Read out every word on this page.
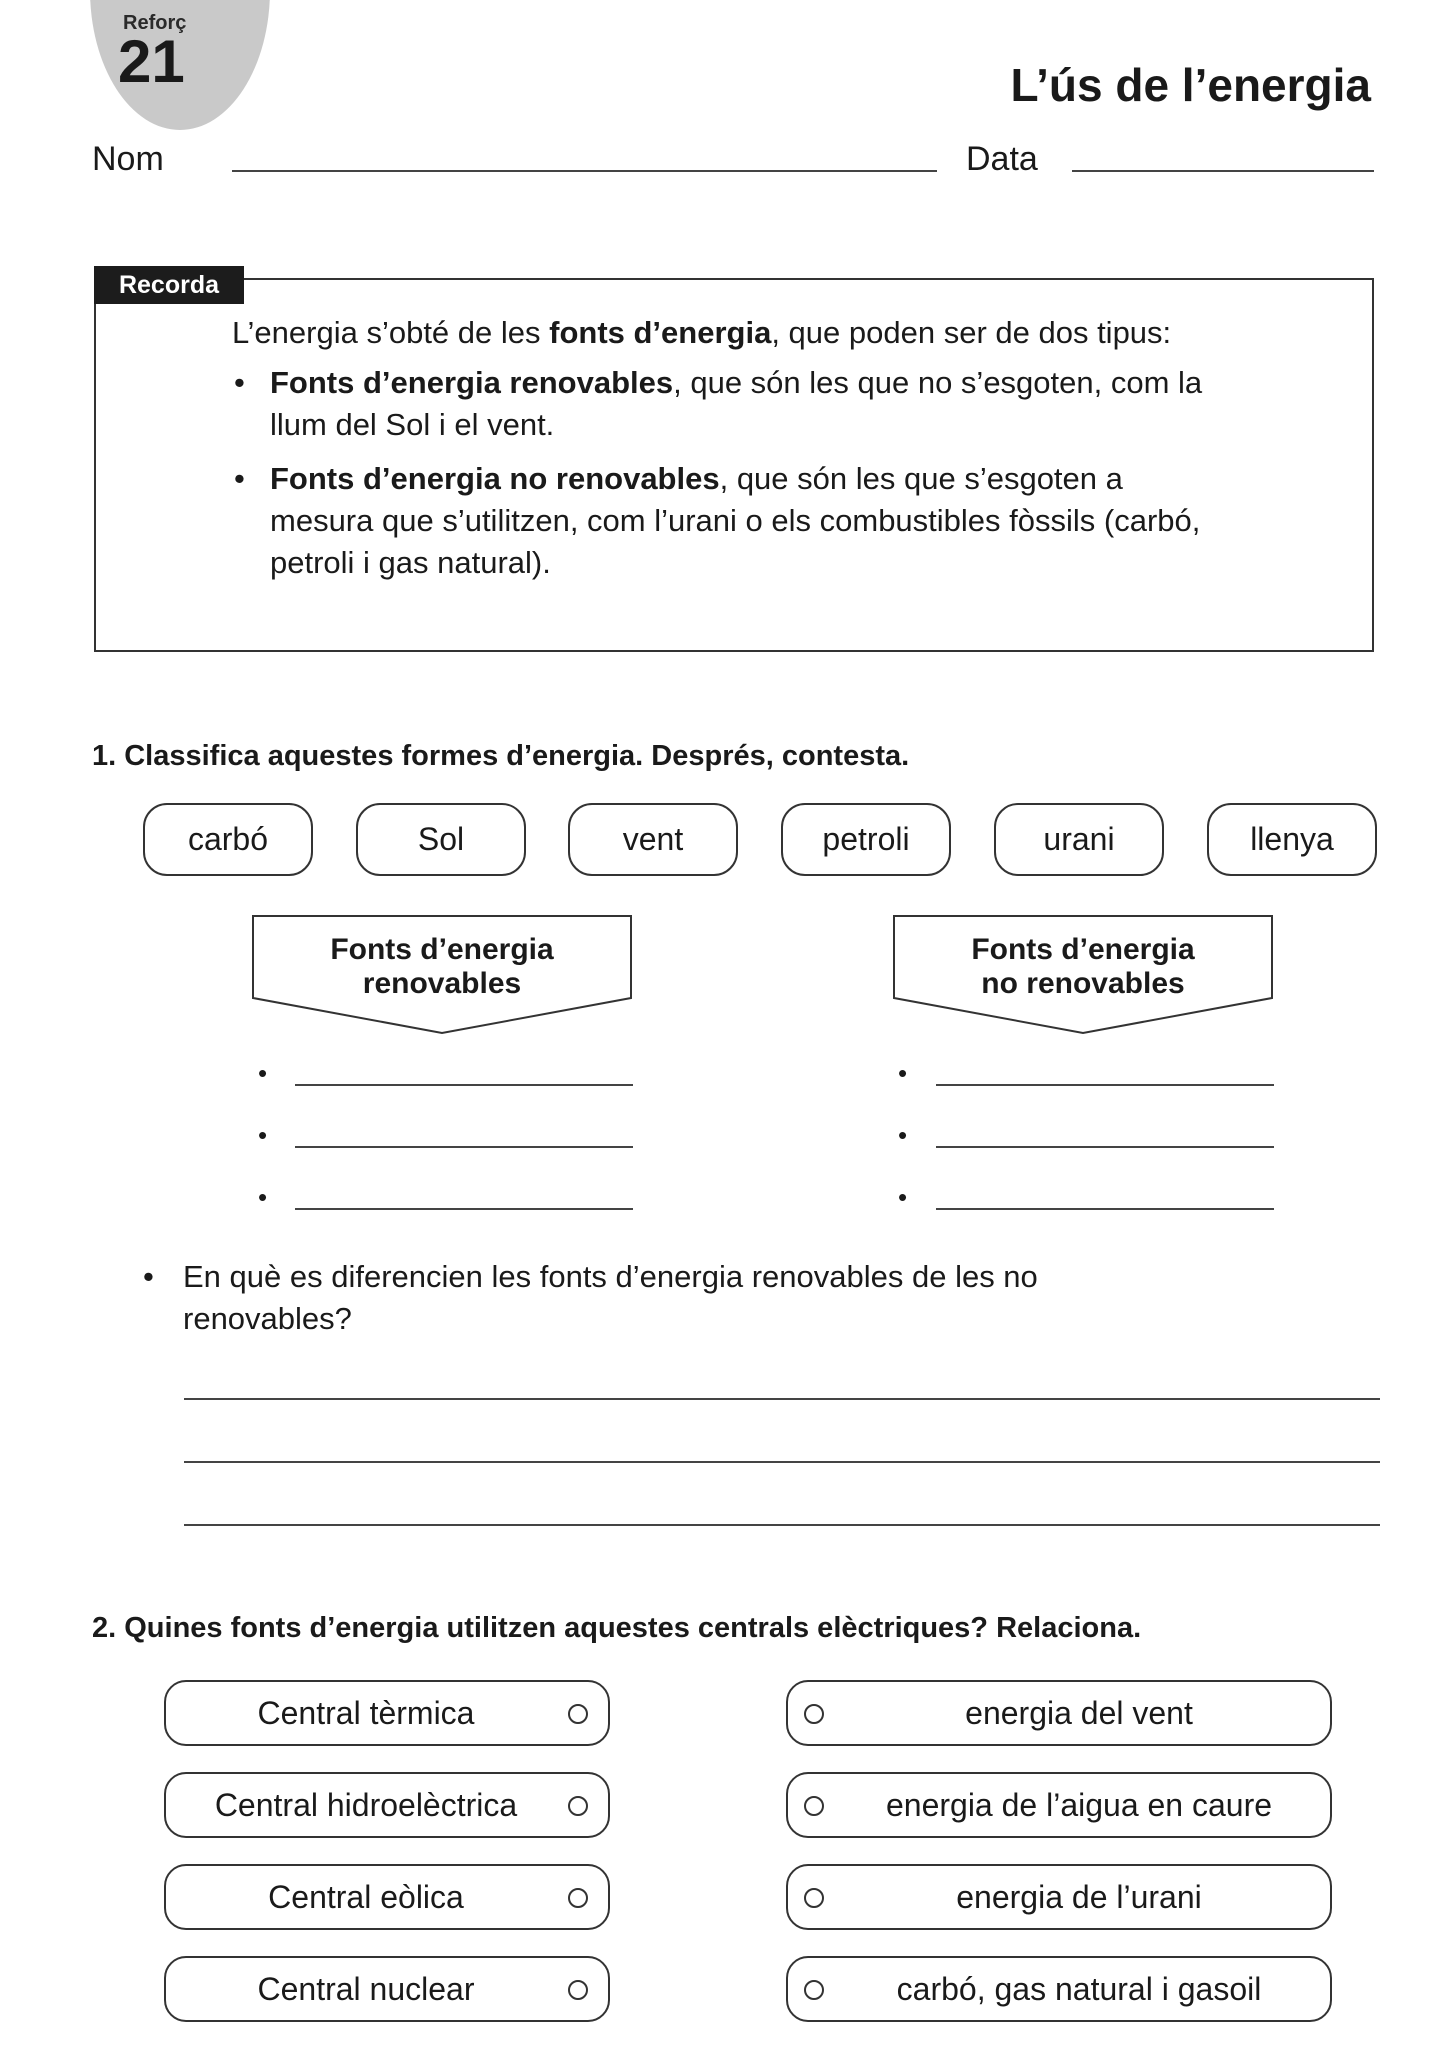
Reforç
21	L’ús de l’energia
Nom	Data
Recorda

L’energia s’obté de les fonts d’energia, que poden ser de dos tipus:

• Fonts d’energia renovables, que són les que no s’esgoten, com la llum del Sol i el vent.
• Fonts d’energia no renovables, que són les que s’esgoten a mesura que s’utilitzen, com l’urani o els combustibles fòssils (carbó, petroli i gas natural).
1. Classifica aquestes formes d’energia. Després, contesta.
carbó	Sol	vent	petroli	urani	llenya
Fonts d’energia
renovables
Fonts d’energia
no renovables
•
•
•
•
•
•
• En què es diferencien les fonts d’energia renovables de les no renovables?
2. Quines fonts d’energia utilitzen aquestes centrals elèctriques? Relaciona.
Central tèrmica
Central hidroelèctrica
Central eòlica
Central nuclear
energia del vent
energia de l’aigua en caure
energia de l’urani
carbó, gas natural i gasoil
